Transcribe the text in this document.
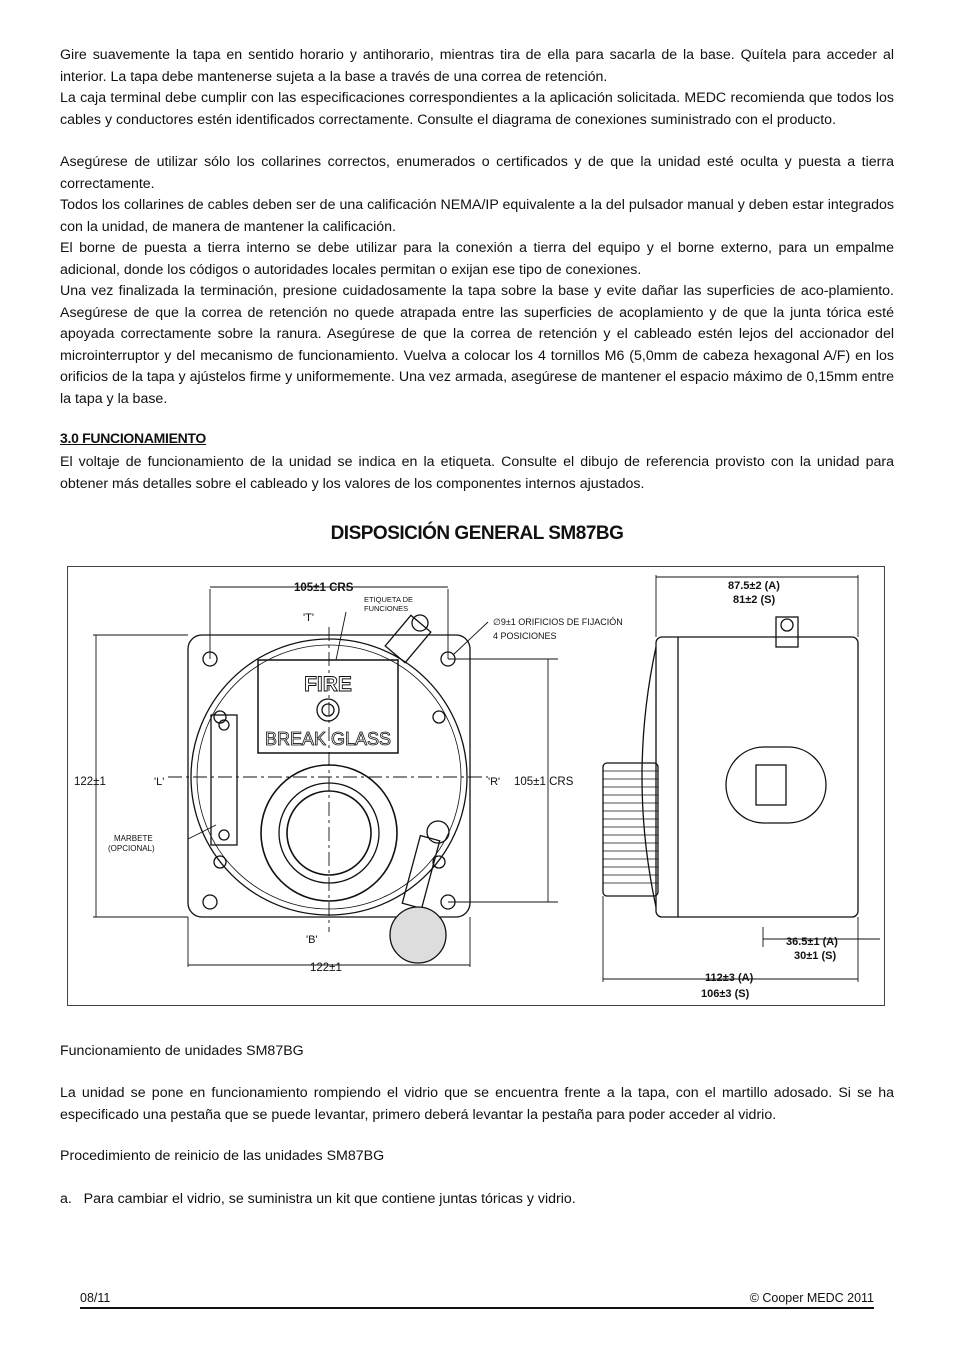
Gire suavemente la tapa en sentido horario y antihorario, mientras tira de ella para sacarla de la base. Quítela para acceder al interior. La tapa debe mantenerse sujeta a la base a través de una correa de retención.

La caja terminal debe cumplir con las especificaciones correspondientes a la aplicación solicitada. MEDC recomienda que todos los cables y conductores estén identificados correctamente. Consulte el diagrama de conexiones suministrado con el producto.

Asegúrese de utilizar sólo los collarines correctos, enumerados o certificados y de que la unidad esté oculta y puesta a tierra correctamente.

Todos los collarines de cables deben ser de una calificación NEMA/IP equivalente a la del pulsador manual y deben estar integrados con la unidad, de manera de mantener la calificación.

El borne de puesta a tierra interno se debe utilizar para la conexión a tierra del equipo y el borne externo, para un empalme adicional, donde los códigos o autoridades locales permitan o exijan ese tipo de conexiones.

Una vez finalizada la terminación, presione cuidadosamente la tapa sobre la base y evite dañar las superficies de aco-plamiento. Asegúrese de que la correa de retención no quede atrapada entre las superficies de acoplamiento y de que la junta tórica esté apoyada correctamente sobre la ranura. Asegúrese de que la correa de retención y el cableado estén lejos del accionador del microinterruptor y del mecanismo de funcionamiento. Vuelva a colocar los 4 tornillos M6 (5,0mm de cabeza hexagonal A/F) en los orificios de la tapa y ajústelos firme y uniformemente. Una vez armada, asegúrese de mantener el espacio máximo de 0,15mm entre la tapa y la base.

3.0 FUNCIONAMIENTO

El voltaje de funcionamiento de la unidad se indica en la etiqueta. Consulte el dibujo de referencia provisto con la unidad para obtener más detalles sobre el cableado y los valores de los componentes internos ajustados.

DISPOSICIÓN GENERAL SM87BG

105±1 CRS
ETIQUETA DE
FUNCIONES
'T'	∅9±1 ORIFICIOS DE FIJACIÓN
4 POSICIONES
FIRE
BREAK GLASS
122±1	'L'	'R' 105±1 CRS
MARBETE
(OPCIONAL)
'B'
122±1
87.5±2 (A)
81±2 (S)
36.5±1 (A)
30±1 (S)
112±3 (A)
106±3 (S)

Funcionamiento de unidades SM87BG

La unidad se pone en funcionamiento rompiendo el vidrio que se encuentra frente a la tapa, con el martillo adosado. Si se ha especificado una pestaña que se puede levantar, primero deberá levantar la pestaña para poder acceder al vidrio.

Procedimiento de reinicio de las unidades SM87BG

a.   Para cambiar el vidrio, se suministra un kit que contiene juntas tóricas y vidrio.

08/11	© Cooper MEDC 2011
